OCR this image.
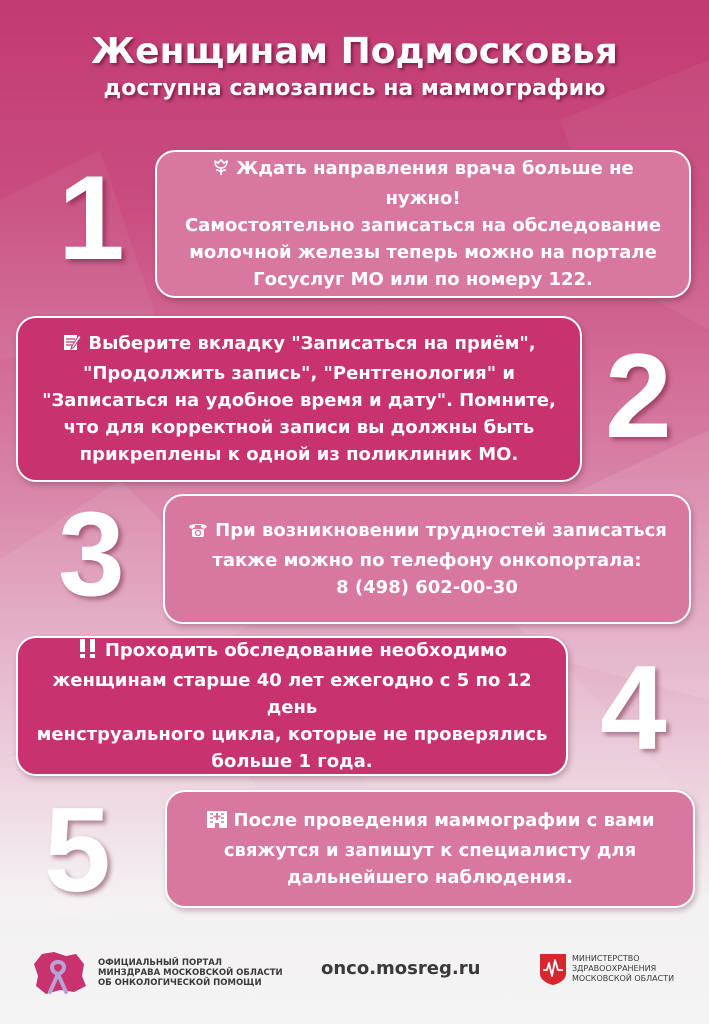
Женщинам Подмосковья
доступна самозапись на маммографию
1	Ждать направления врача больше не нужно!
Самостоятельно записаться на обследование
молочной железы теперь можно на портале
Госуслуг МО или по номеру 122.
Выберите вкладку "Записаться на приём",
"Продолжить запись", "Рентгенология" и
"Записаться на удобное время и дату". Помните,
что для корректной записи вы должны быть
прикреплены к одной из поликлиник МО. 2
3	При возникновении трудностей записаться
также можно по телефону онкопортала:
8 (498) 602-00-30
Проходить обследование необходимо
женщинам старше 40 лет ежегодно с 5 по 12 день
менструального цикла, которые не проверялись
больше 1 года.	4
5	После проведения маммографии с вами
свяжутся и запишут к специалисту для
дальнейшего наблюдения.
ОФИЦИАЛЬНЫЙ ПОРТАЛ
МИНЗДРАВА МОСКОВСКОЙ ОБЛАСТИ
ОБ ОНКОЛОГИЧЕСКОЙ ПОМОЩИ
onco.mosreg.ru	МИНИСТЕРСТВО
ЗДРАВООХРАНЕНИЯ
МОСКОВСКОЙ ОБЛАСТИ
